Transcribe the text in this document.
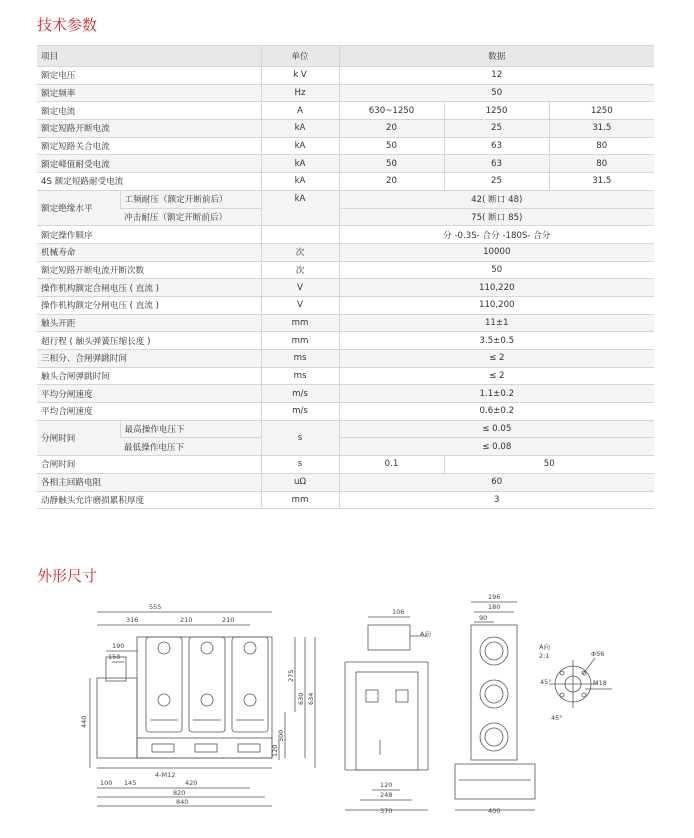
技术参数
项目		单位	数据		
额定电压		k V	12		
额定频率		Hz	50		
额定电流		A	630~1250	1250	1250
额定短路开断电流		kA	20	25	31.5
额定短路关合电流		kA	50	63	80
额定峰值耐受电流		kA	50	63	80
4S 额定短路耐受电流		kA	20	25	31.5
额定绝缘水平	工频耐压（额定开断前后）	kA	42( 断口 48)		
	冲击耐压（额定开断前后）		75( 断口 85)		
额定操作顺序			分 -0.3S- 合分 -180S- 合分		
机械寿命		次	10000		
额定短路开断电流开断次数		次	50		
操作机构额定合闸电压 ( 直流 )		V	110,220		
操作机构额定分闸电压 ( 直流 )		V	110,200		
触头开距		mm	11±1		
超行程 ( 触头弹簧压缩长度 )		mm	3.5±0.5		
三相分、合闸弹跳时间		ms	≤ 2		
触头合闸弹跳时间		ms	≤ 2		
平均分闸速度		m/s	1.1±0.2		
平均合闸速度		m/s	0.6±0.2		
分闸时间	最高操作电压下	s	≤ 0.05		
	最低操作电压下		≤ 0.08		
合闸时间		s	0.1	50	
各相主回路电阻		uΩ	60		
动静触头允许磨损累积厚度		mm	3		
外形尺寸
555
316	210	210
190
150
440
275
630 634
300
120
4-M12
100 145	420
820
840
106
A向
120
248
370
196
180
90
400
A向
2:1	Φ56
M18
45°
45°
